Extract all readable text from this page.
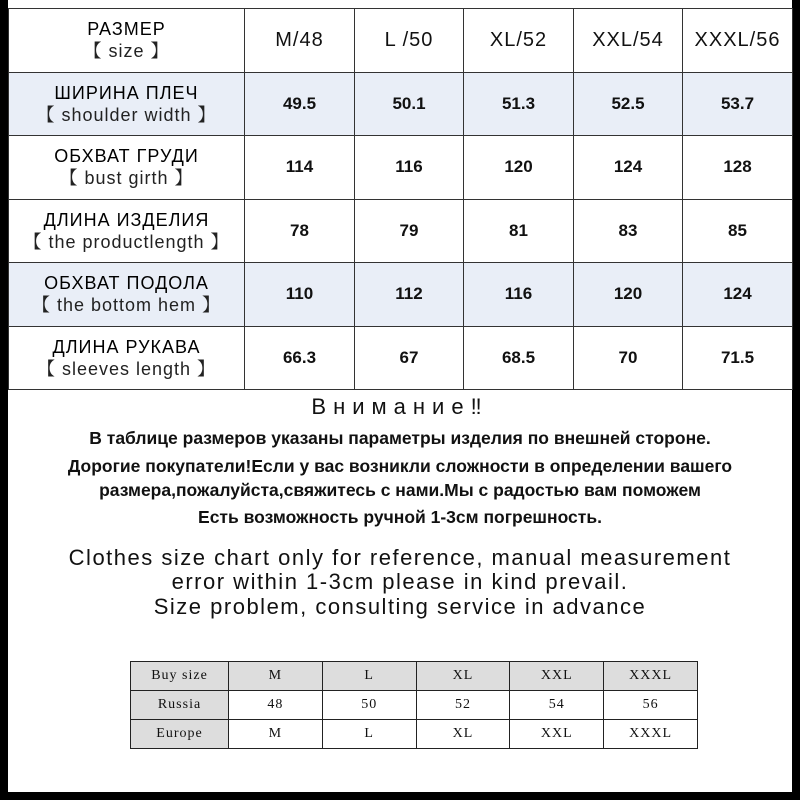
РАЗМЕР
【 size 】	M/48	L /50	XL/52	XXL/54	XXXL/56

ШИРИНА ПЛЕЧ
【 shoulder width 】	49.5	50.1	51.3	52.5	53.7

ОБХВАТ ГРУДИ
【 bust girth 】	114	116	120	124	128

ДЛИНА ИЗДЕЛИЯ
【 the productlength 】	78	79	81	83	85

ОБХВАТ ПОДОЛА
【 the bottom hem 】	110	112	116	120	124

ДЛИНА РУКАВА
【 sleeves length 】	66.3	67	68.5	70	71.5
Внимание‼
В таблице размеров указаны параметры изделия по внешней стороне.
Дорогие покупатели!Если у вас возникли сложности в определении вашего
размера,пожалуйста,свяжитесь с нами.Мы с радостью вам поможем
Есть возможность ручной 1-3см погрешность.
Clothes size chart only for reference, manual measurement
error within 1-3cm please in kind prevail.
Size problem, consulting service in advance
Buy size	M	L	XL	XXL	XXXL
Russia	48	50	52	54	56
Europe	M	L	XL	XXL	XXXL
